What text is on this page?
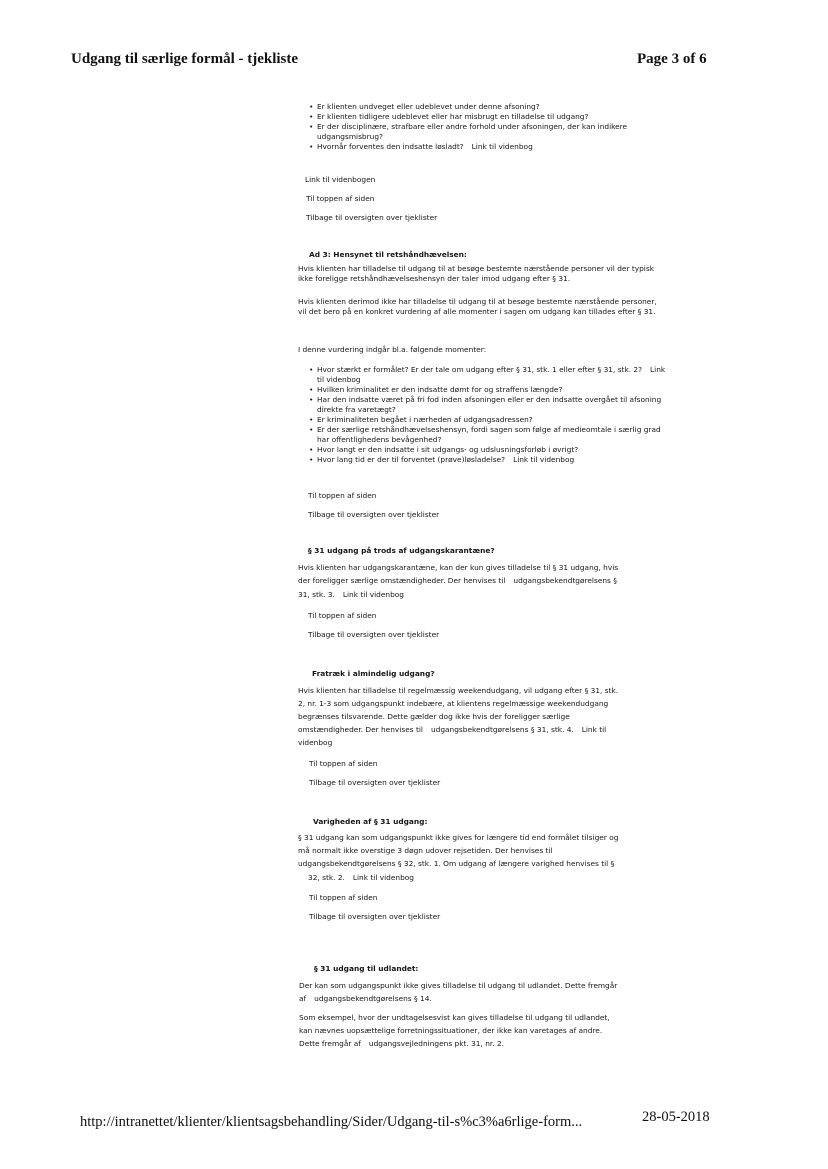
Udgang til særlige formål - tjekliste	Page 3 of 6
• Er klienten undveget eller udeblevet under denne afsoning?
• Er klienten tidligere udeblevet eller har misbrugt en tilladelse til udgang?
• Er der disciplinære, strafbare eller andre forhold under afsoningen, der kan indikere udgangsmisbrug?
• Hvornår forventes den indsatte løsladt? Link til videnbog
Link til videnbogen
Til toppen af siden
Tilbage til oversigten over tjeklister
Ad 3: Hensynet til retshåndhævelsen:
Hvis klienten har tilladelse til udgang til at besøge bestemte nærstående personer vil der typisk ikke foreligge retshåndhævelseshensyn der taler imod udgang efter § 31.
Hvis klienten derimod ikke har tilladelse til udgang til at besøge bestemte nærstående personer, vil det bero på en konkret vurdering af alle momenter i sagen om udgang kan tillades efter § 31.
I denne vurdering indgår bl.a. følgende momenter:
• Hvor stærkt er formålet? Er der tale om udgang efter § 31, stk. 1 eller efter § 31, stk. 2? Link til videnbog
• Hvilken kriminalitet er den indsatte dømt for og straffens længde?
• Har den indsatte været på fri fod inden afsoningen eller er den indsatte overgået til afsoning direkte fra varetægt?
• Er kriminaliteten begået i nærheden af udgangsadressen?
• Er der særlige retshåndhævelseshensyn, fordi sagen som følge af medieomtale i særlig grad har offentlighedens bevågenhed?
• Hvor langt er den indsatte i sit udgangs- og udslusningsforløb i øvrigt?
• Hvor lang tid er der til forventet (prøve)løsladelse? Link til videnbog
Til toppen af siden
Tilbage til oversigten over tjeklister
§ 31 udgang på trods af udgangskarantæne?
Hvis klienten har udgangskarantæne, kan der kun gives tilladelse til § 31 udgang, hvis
der foreligger særlige omstændigheder. Der henvises til udgangsbekendtgørelsens §
31, stk. 3. Link til videnbog
Til toppen af siden
Tilbage til oversigten over tjeklister
Fratræk i almindelig udgang?
Hvis klienten har tilladelse til regelmæssig weekendudgang, vil udgang efter § 31, stk.
2, nr. 1-3 som udgangspunkt indebære, at klientens regelmæssige weekendudgang
begrænses tilsvarende. Dette gælder dog ikke hvis der foreligger særlige
omstændigheder. Der henvises til udgangsbekendtgørelsens § 31, stk. 4. Link til
videnbog
Til toppen af siden
Tilbage til oversigten over tjeklister
Varigheden af § 31 udgang:
§ 31 udgang kan som udgangspunkt ikke gives for længere tid end formålet tilsiger og
må normalt ikke overstige 3 døgn udover rejsetiden. Der henvises til
udgangsbekendtgørelsens § 32, stk. 1. Om udgang af længere varighed henvises til §
32, stk. 2. Link til videnbog
Til toppen af siden
Tilbage til oversigten over tjeklister
§ 31 udgang til udlandet:
Der kan som udgangspunkt ikke gives tilladelse til udgang til udlandet. Dette fremgår
af udgangsbekendtgørelsens § 14.
Som eksempel, hvor der undtagelsesvist kan gives tilladelse til udgang til udlandet,
kan nævnes uopsættelige forretningssituationer, der ikke kan varetages af andre.
Dette fremgår af udgangsvejledningens pkt. 31, nr. 2.
http://intranettet/klienter/klientsagsbehandling/Sider/Udgang-til-s%c3%a6rlige-form...	28-05-2018
